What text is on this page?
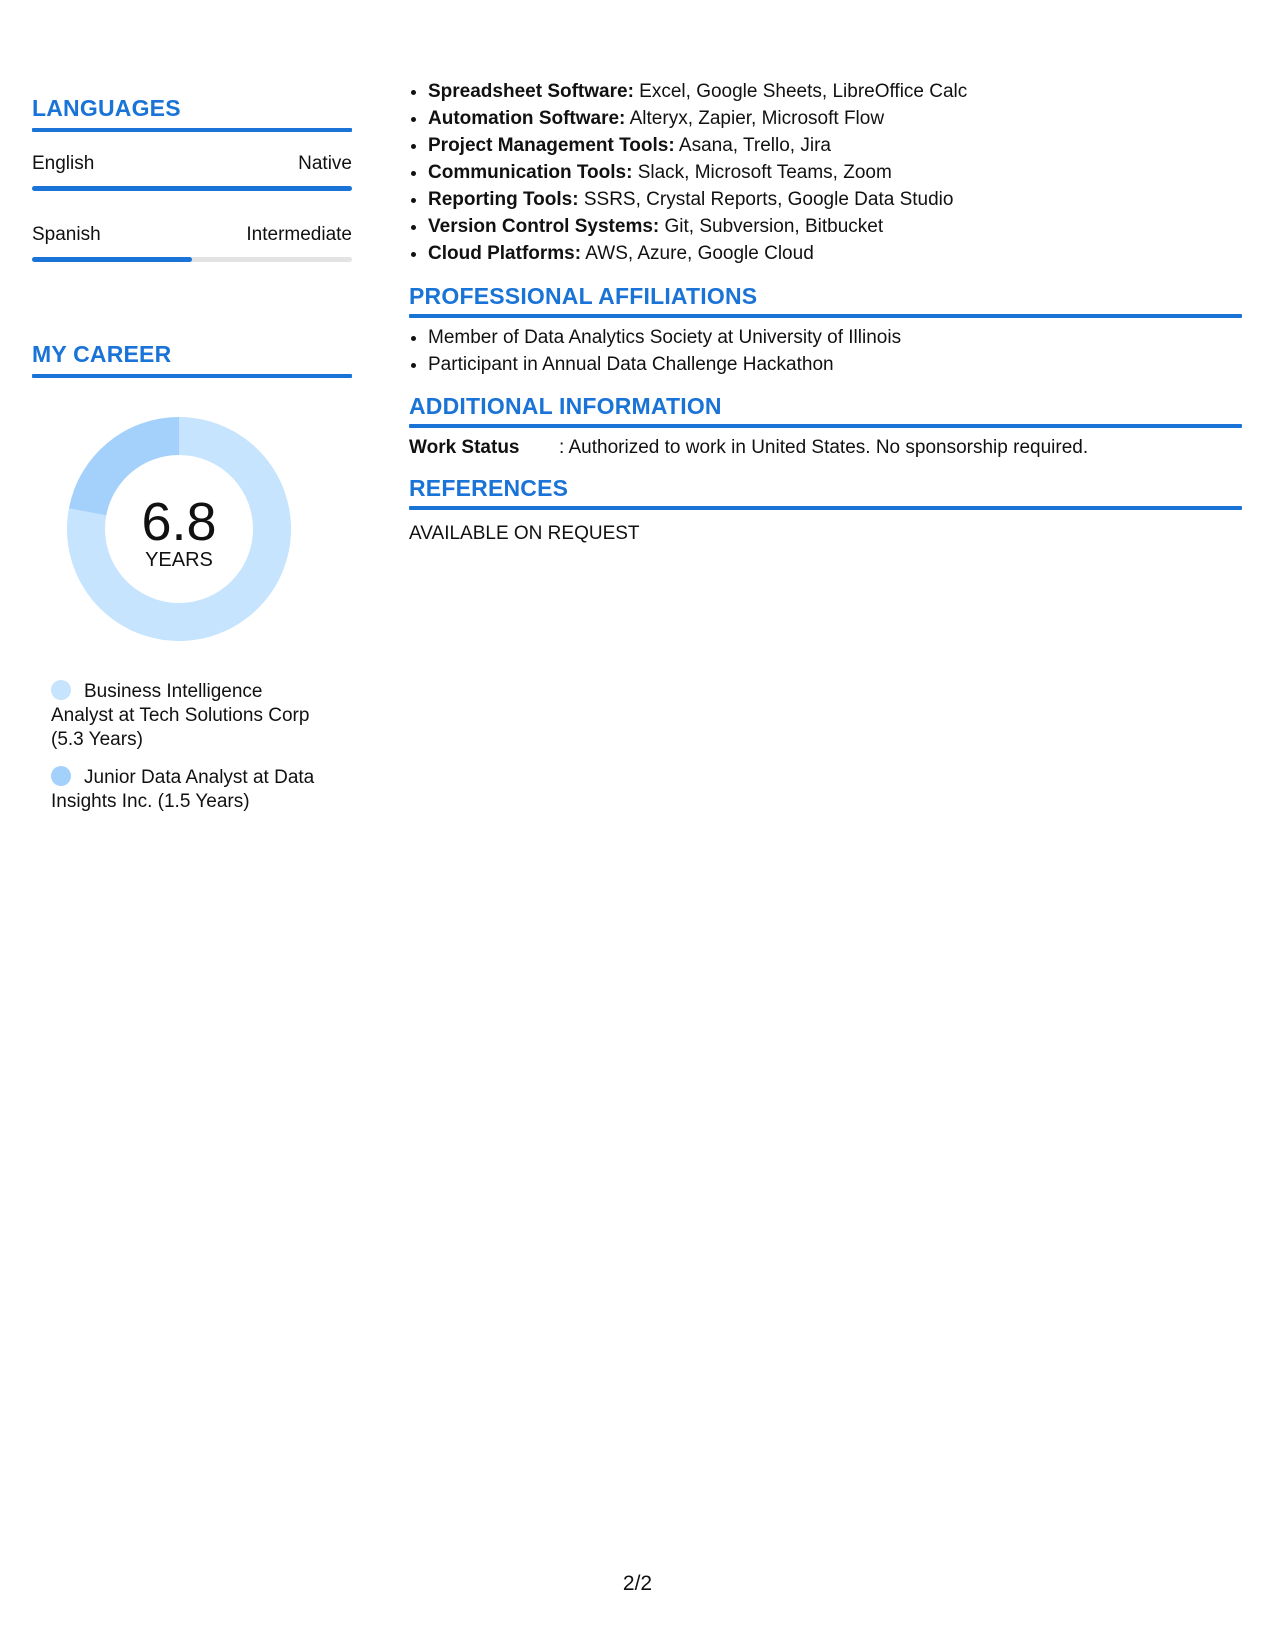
LANGUAGES
English	Native
Spanish	Intermediate
MY CAREER
6.8
YEARS
Business Intelligence Analyst at Tech Solutions Corp (5.3 Years)
Junior Data Analyst at Data Insights Inc. (1.5 Years)
• Spreadsheet Software: Excel, Google Sheets, LibreOffice Calc
• Automation Software: Alteryx, Zapier, Microsoft Flow
• Project Management Tools: Asana, Trello, Jira
• Communication Tools: Slack, Microsoft Teams, Zoom
• Reporting Tools: SSRS, Crystal Reports, Google Data Studio
• Version Control Systems: Git, Subversion, Bitbucket
• Cloud Platforms: AWS, Azure, Google Cloud
PROFESSIONAL AFFILIATIONS
• Member of Data Analytics Society at University of Illinois
• Participant in Annual Data Challenge Hackathon
ADDITIONAL INFORMATION
Work Status	: Authorized to work in United States. No sponsorship required.
REFERENCES
AVAILABLE ON REQUEST
2/2
